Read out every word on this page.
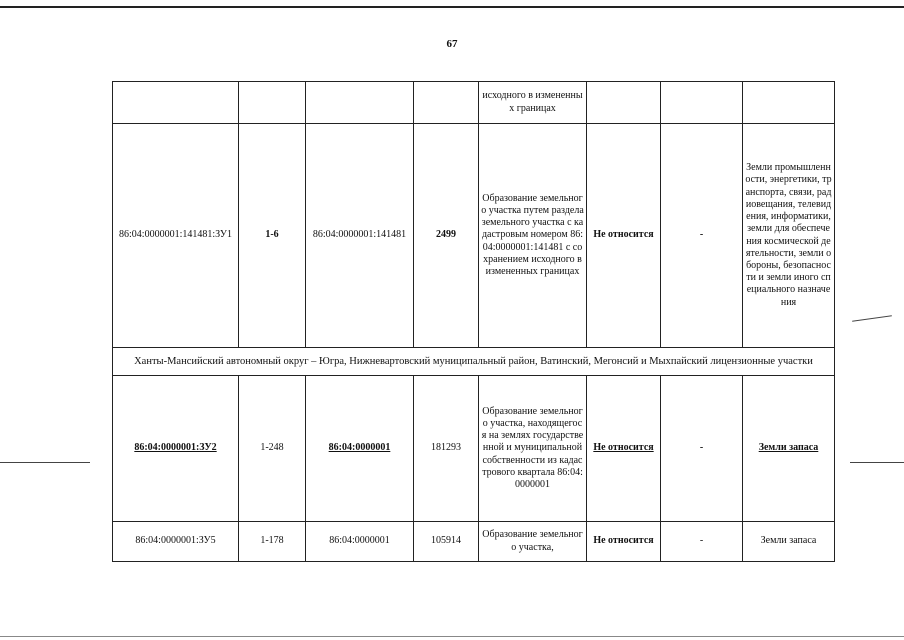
67
				исходного в измененных границах			
86:04:0000001:141481:ЗУ1	1-6	86:04:0000001:141481	2499	Образование земельного участка путем раздела земельного участка с кадастровым номером 86:04:0000001:141481 с сохранением исходного в измененных границах	Не относится	-	Земли промышленности, энергетики, транспорта, связи, радиовещания, телевидения, информатики, земли для обеспечения космической деятельности, земли обороны, безопасности и земли иного специального назначения
Ханты-Мансийский автономный округ – Югра, Нижневартовский муниципальный район, Ватинский, Мегонсий и Мыхпайский лицензионные участки							
86:04:0000001:ЗУ2	1-248	86:04:0000001	181293	Образование земельного участка, находящегося на землях государственной и муниципальной собственности из кадастрового квартала 86:04:0000001	Не относится	-	Земли запаса
86:04:0000001:ЗУ5	1-178	86:04:0000001	105914	Образование земельного участка,	Не относится	-	Земли запаса
